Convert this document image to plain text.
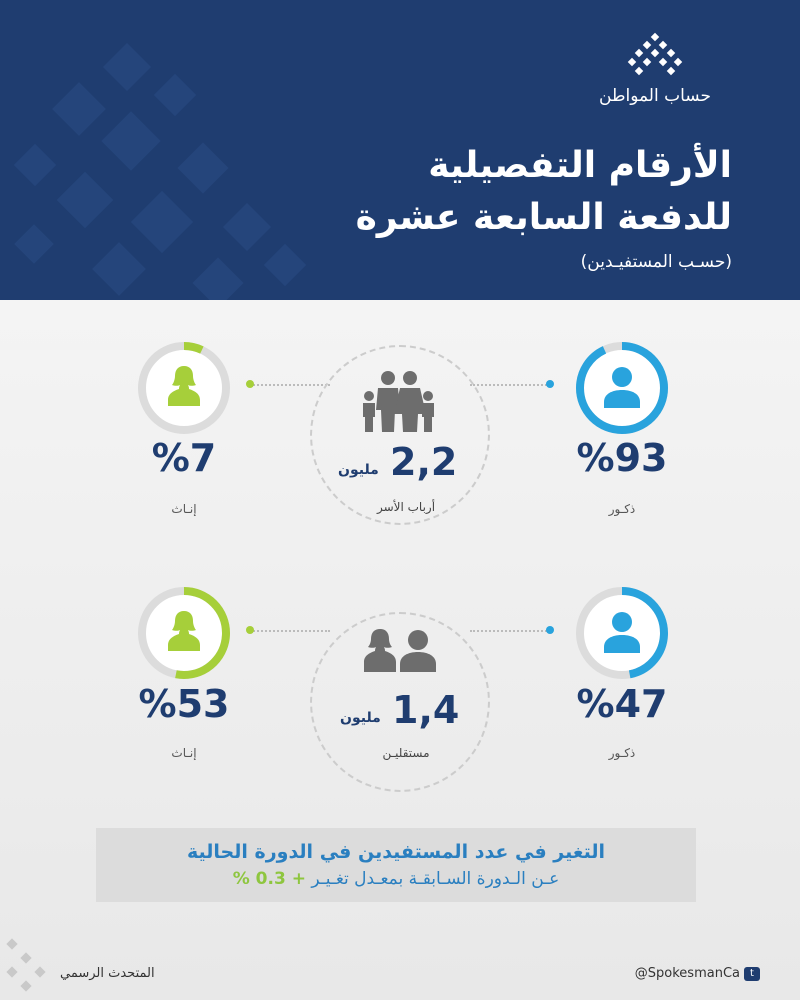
حساب المواطن
الأرقام التفصيلية
للدفعة السابعة عشرة
(حسـب المستفيـدين)
%7
إنـاث
%93
ذكـور
2,2
مليون
أرباب الأسر
%53
إنـاث
%47
ذكـور
1,4
مليون
مستقليـن
التغير في عدد المستفيدين في الدورة الحالية
عـن الـدورة السـابقـة بمعـدل تغـيـر + 0.3 %
المتحدث الرسمي	@SpokesmanCa t
